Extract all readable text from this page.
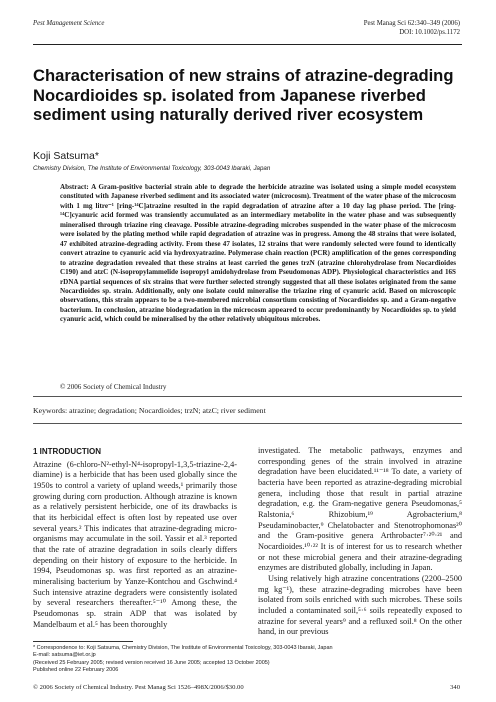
Pest Management Science	Pest Manag Sci 62:340–349 (2006)
DOI: 10.1002/ps.1172
Characterisation of new strains of atrazine-degrading Nocardioides sp. isolated from Japanese riverbed sediment using naturally derived river ecosystem
Koji Satsuma*
Chemistry Division, The Institute of Environmental Toxicology, 303-0043 Ibaraki, Japan

Abstract: A Gram-positive bacterial strain able to degrade the herbicide atrazine was isolated using a simple model ecosystem constituted with Japanese riverbed sediment and its associated water (microcosm). Treatment of the water phase of the microcosm with 1 mg litre⁻¹ [ring-¹⁴C]atrazine resulted in the rapid degradation of atrazine after a 10 day lag phase period. The [ring-¹⁴C]cyanuric acid formed was transiently accumulated as an intermediary metabolite in the water phase and was subsequently mineralised through triazine ring cleavage. Possible atrazine-degrading microbes suspended in the water phase of the microcosm were isolated by the plating method while rapid degradation of atrazine was in progress. Among the 48 strains that were isolated, 47 exhibited atrazine-degrading activity. From these 47 isolates, 12 strains that were randomly selected were found to identically convert atrazine to cyanuric acid via hydroxyatrazine. Polymerase chain reaction (PCR) amplification of the genes corresponding to atrazine degradation revealed that these strains at least carried the genes trzN (atrazine chlorohydrolase from Nocardioides C190) and atzC (N-isopropylammelide isopropyl amidohydrolase from Pseudomonas ADP). Physiological characteristics and 16S rDNA partial sequences of six strains that were further selected strongly suggested that all these isolates originated from the same Nocardioides sp. strain. Additionally, only one isolate could mineralise the triazine ring of cyanuric acid. Based on microscopic observations, this strain appears to be a two-membered microbial consortium consisting of Nocardioides sp. and a Gram-negative bacterium. In conclusion, atrazine biodegradation in the microcosm appeared to occur predominantly by Nocardioides sp. to yield cyanuric acid, which could be mineralised by the other relatively ubiquitous microbes.

© 2006 Society of Chemical Industry
Keywords: atrazine; degradation; Nocardioides; trzN; atzC; river sediment
1 INTRODUCTION

Atrazine (6-chloro-N²-ethyl-N⁴-isopropyl-1,3,5-triazine-2,4-diamine) is a herbicide that has been used globally since the 1950s to control a variety of upland weeds,¹ primarily those growing during corn production. Although atrazine is known as a relatively persistent herbicide, one of its drawbacks is that its herbicidal effect is often lost by repeated use over several years.² This indicates that atrazine-degrading micro-organisms may accumulate in the soil. Yassir et al.³ reported that the rate of atrazine degradation in soils clearly differs depending on their history of exposure to the herbicide. In 1994, Pseudomonas sp. was first reported as an atrazine-mineralising bacterium by Yanze-Kontchou and Gschwind.⁴ Such intensive atrazine degraders were consistently isolated by several researchers thereafter.⁵⁻¹⁰ Among these, the Pseudomonas sp. strain ADP that was isolated by Mandelbaum et al.⁵ has been thoroughly

investigated. The metabolic pathways, enzymes and corresponding genes of the strain involved in atrazine degradation have been elucidated.¹¹⁻¹⁸ To date, a variety of bacteria have been reported as atrazine-degrading microbial genera, including those that result in partial atrazine degradation, e.g. the Gram-negative genera Pseudomonas,⁵ Ralstonia,⁶ Rhizobium,¹⁹ Agrobacterium,⁸ Pseudaminobacter,⁹ Chelatobacter and Stenotrophomonas²⁰ and the Gram-positive genera Arthrobacter⁷·²⁰·²¹ and Nocardioides.¹⁰·²² It is of interest for us to research whether or not these microbial genera and their atrazine-degrading enzymes are distributed globally, including in Japan.

Using relatively high atrazine concentrations (2200–2500 mg kg⁻¹), these atrazine-degrading microbes have been isolated from soils enriched with such microbes. These soils included a contaminated soil,⁵·⁶ soils repeatedly exposed to atrazine for several years⁹ and a refluxed soil.⁸ On the other hand, in our previous

* Correspondence to: Koji Satsuma, Chemistry Division, The Institute of Environmental Toxicology, 303-0043 Ibaraki, Japan
E-mail: satsuma@iet.or.jp
(Received 25 February 2005; revised version received 16 June 2005; accepted 13 October 2005)
Published online 22 February 2006
© 2006 Society of Chemical Industry. Pest Manag Sci 1526–498X/2006/$30.00	340
